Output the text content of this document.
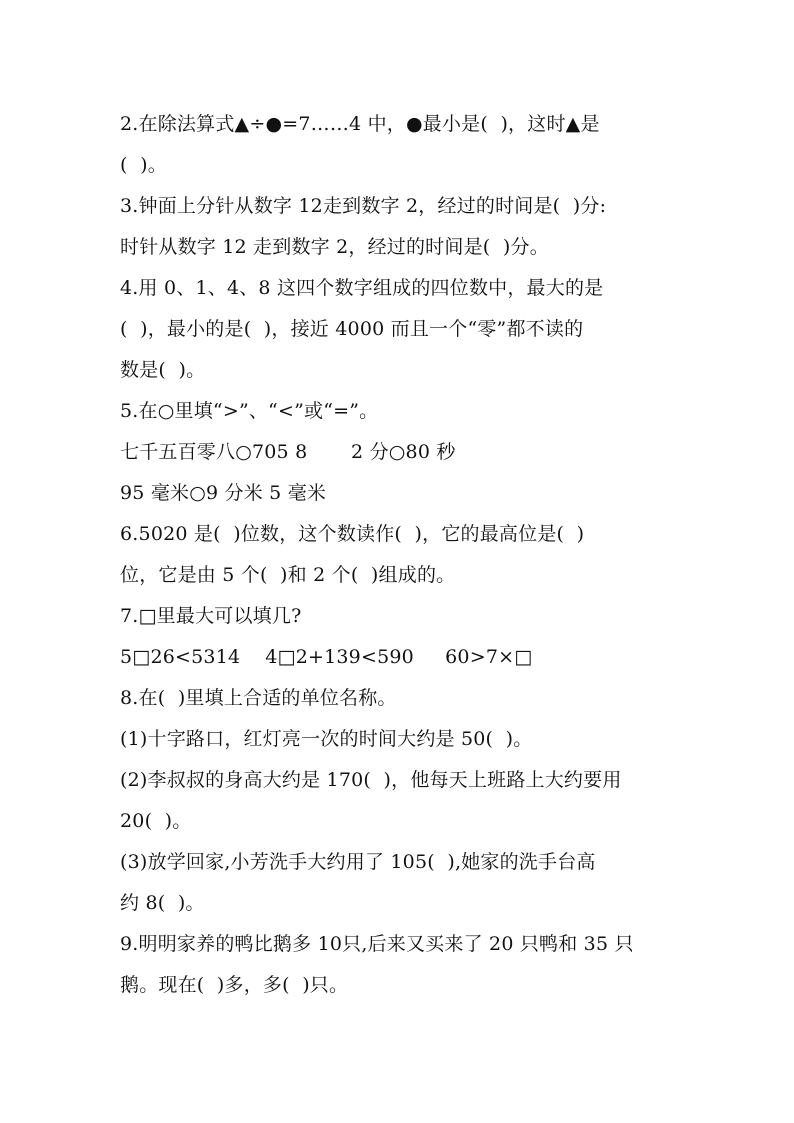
2.在除法算式▲÷●=7……4 中，●最小是(  )，这时▲是
(  )。
3.钟面上分针从数字 12走到数字 2，经过的时间是(  )分:
时针从数字 12 走到数字 2，经过的时间是(  )分。
4.用 0、1、4、8 这四个数字组成的四位数中，最大的是
(  )，最小的是(  )，接近 4000 而且一个“零”都不读的
数是(  )。
5.在○里填“>”、“<”或“=”。
七千五百零八○705 8       2 分○80 秒
95 毫米○9 分米 5 毫米
6.5020 是(  )位数，这个数读作(  )，它的最高位是(  )
位，它是由 5 个(  )和 2 个(  )组成的。
7.□里最大可以填几?
5□26<5314    4□2+139<590     60>7×□
8.在(  )里填上合适的单位名称。
(1)十字路口，红灯亮一次的时间大约是 50(  )。
(2)李叔叔的身高大约是 170(  )，他每天上班路上大约要用
20(  )。
(3)放学回家,小芳洗手大约用了 105(  ),她家的洗手台高
约 8(  )。
9.明明家养的鸭比鹅多 10只,后来又买来了 20 只鸭和 35 只
鹅。现在(  )多，多(  )只。
